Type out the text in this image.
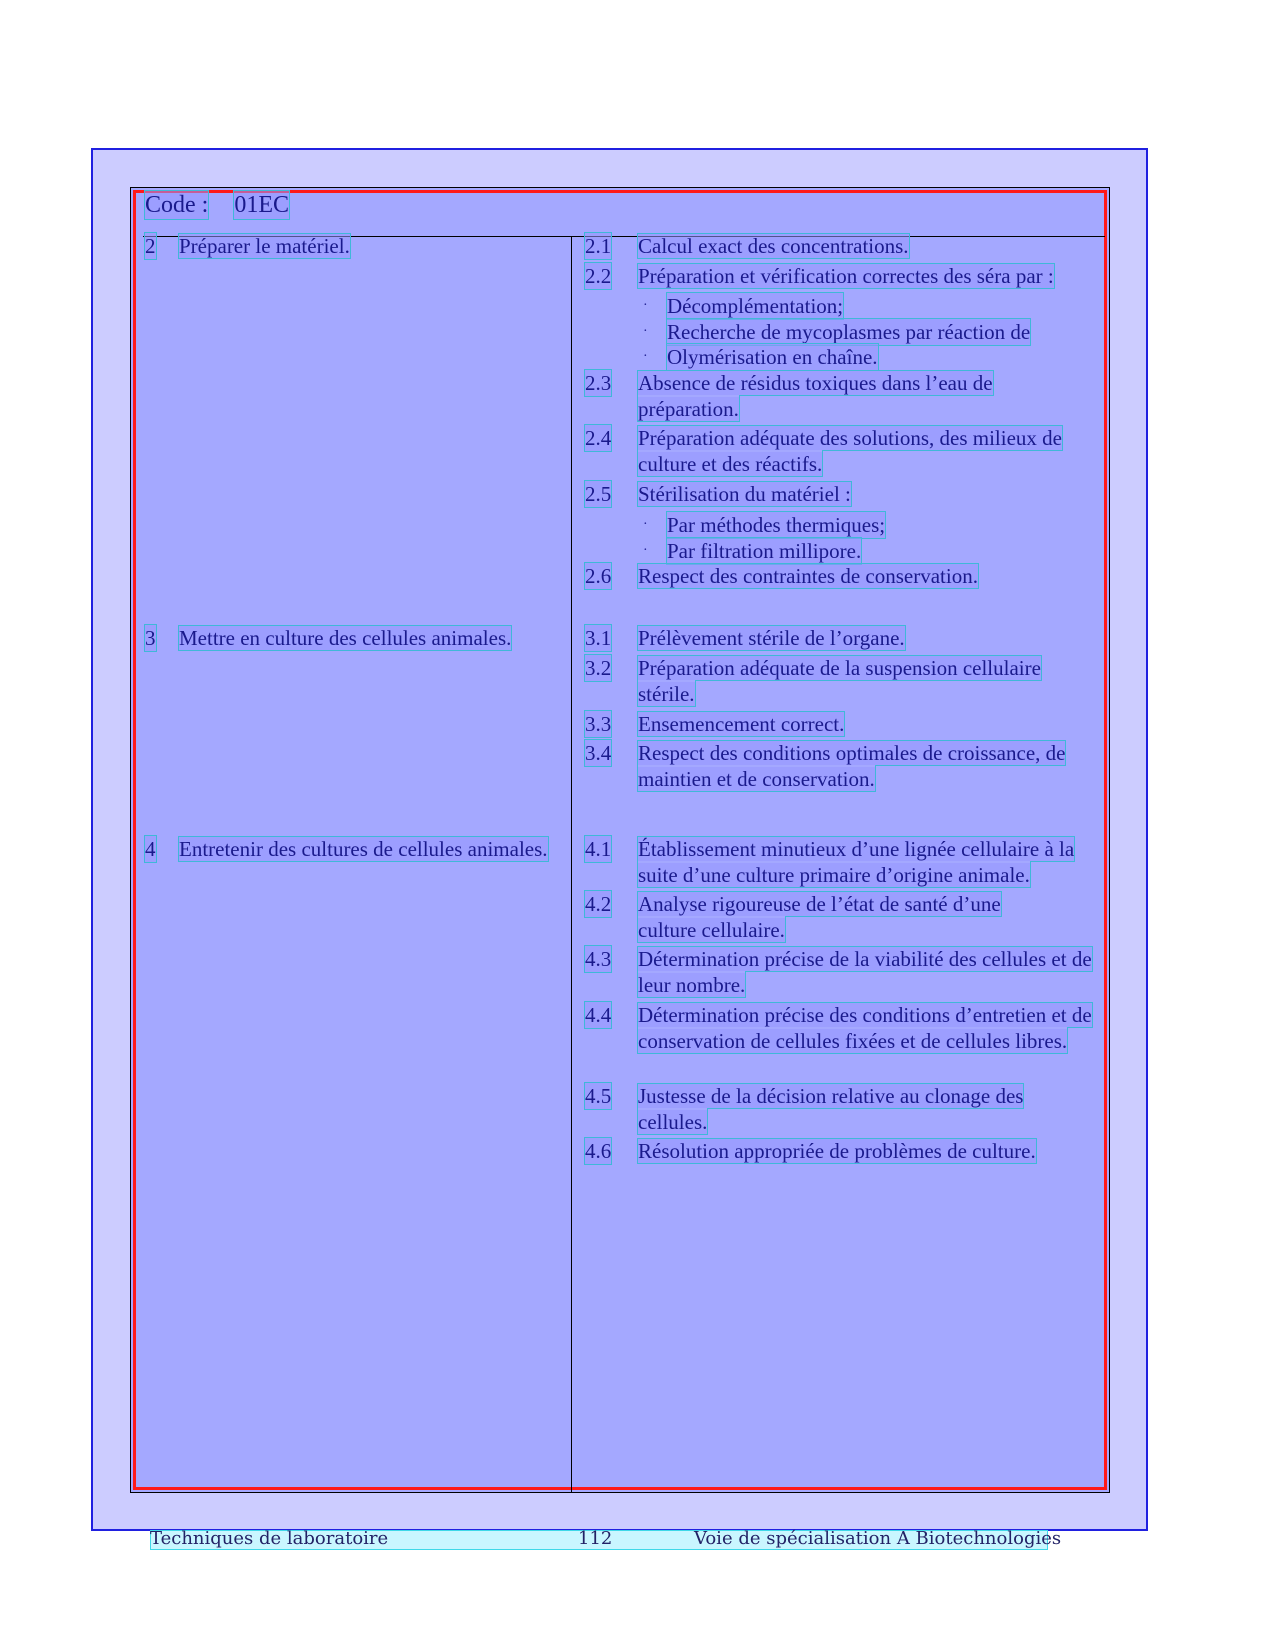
Code : 01EC
2 Préparer le matériel.
3 Mettre en culture des cellules animales.
4 Entretenir des cultures de cellules animales.
2.1 Calcul exact des concentrations.
2.2 Préparation et vérification correctes des séra par :
· Décomplémentation;
· Recherche de mycoplasmes par réaction de
· Olymérisation en chaîne.
2.3 Absence de résidus toxiques dans l’eau de préparation.
2.4 Préparation adéquate des solutions, des milieux de culture et des réactifs.
2.5 Stérilisation du matériel :
· Par méthodes thermiques;
· Par filtration millipore.
2.6 Respect des contraintes de conservation.
3.1 Prélèvement stérile de l’organe.
3.2 Préparation adéquate de la suspension cellulaire stérile.
3.3 Ensemencement correct.
3.4 Respect des conditions optimales de croissance, de maintien et de conservation.
4.1 Établissement minutieux d’une lignée cellulaire à la suite d’une culture primaire d’origine animale.
4.2 Analyse rigoureuse de l’état de santé d’une culture cellulaire.
4.3 Détermination précise de la viabilité des cellules et de leur nombre.
4.4 Détermination précise des conditions d’entretien et de conservation de cellules fixées et de cellules libres.
4.5 Justesse de la décision relative au clonage des cellules.
4.6 Résolution appropriée de problèmes de culture.
Techniques de laboratoire	112	Voie de spécialisation A Biotechnologies
